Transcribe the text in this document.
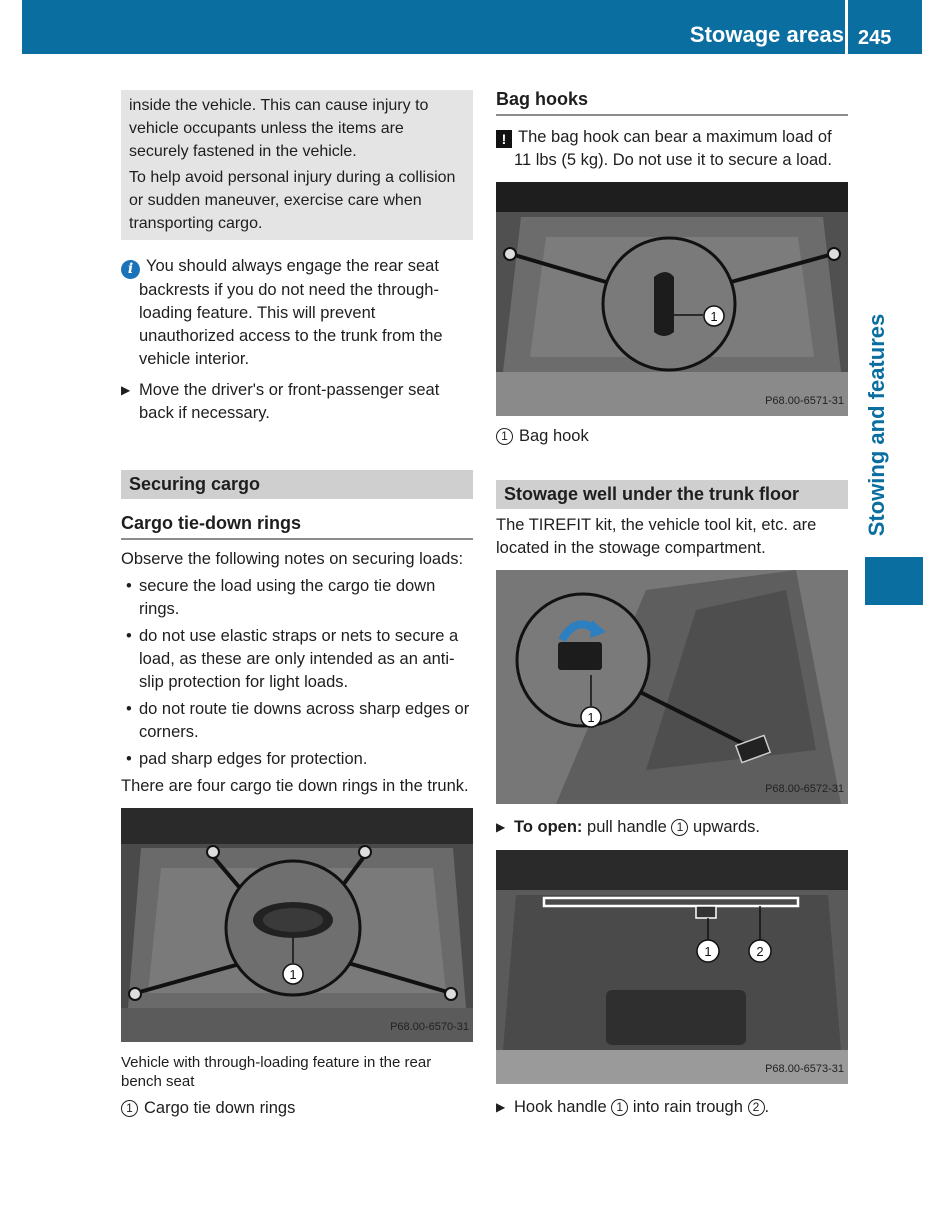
Stowage areas 245
Stowing and features

inside the vehicle. This can cause injury to vehicle occupants unless the items are securely fastened in the vehicle.

To help avoid personal injury during a collision or sudden maneuver, exercise care when transporting cargo.

i You should always engage the rear seat backrests if you do not need the through-loading feature. This will prevent unauthorized access to the trunk from the vehicle interior.
▶ Move the driver's or front-passenger seat back if necessary.
Securing cargo
Cargo tie-down rings

Observe the following notes on securing loads:

• secure the load using the cargo tie down rings.
• do not use elastic straps or nets to secure a load, as these are only intended as an anti-slip protection for light loads.
• do not route tie downs across sharp edges or corners.
• pad sharp edges for protection.

There are four cargo tie down rings in the trunk.

1
P68.00-6570-31

Vehicle with through-loading feature in the rear bench seat

1 Cargo tie down rings
Bag hooks
! The bag hook can bear a maximum load of 11 lbs (5 kg). Do not use it to secure a load.
1
P68.00-6571-31
1 Bag hook
Stowage well under the trunk floor

The TIREFIT kit, the vehicle tool kit, etc. are located in the stowage compartment.

1
P68.00-6572-31
▶ To open: pull handle 1 upwards.
1	2
P68.00-6573-31
▶ Hook handle 1 into rain trough 2 .
